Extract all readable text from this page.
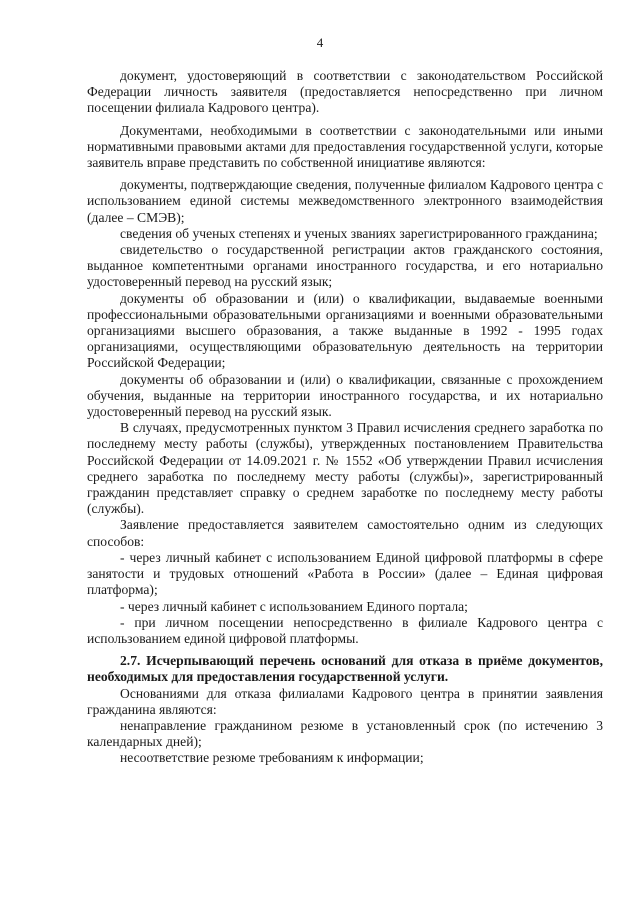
4

документ, удостоверяющий в соответствии с законодательством Российской Федерации личность заявителя (предоставляется непосредственно при личном посещении филиала Кадрового центра).

Документами, необходимыми в соответствии с законодательными или иными нормативными правовыми актами для предоставления государственной услуги, которые заявитель вправе представить по собственной инициативе являются:

документы, подтверждающие сведения, полученные филиалом Кадрового центра с использованием единой системы межведомственного электронного взаимодействия (далее – СМЭВ);

сведения об ученых степенях и ученых званиях зарегистрированного гражданина;

свидетельство о государственной регистрации актов гражданского состояния, выданное компетентными органами иностранного государства, и его нотариально удостоверенный перевод на русский язык;

документы об образовании и (или) о квалификации, выдаваемые военными профессиональными образовательными организациями и военными образовательными организациями высшего образования, а также выданные в 1992 - 1995 годах организациями, осуществляющими образовательную деятельность на территории Российской Федерации;

документы об образовании и (или) о квалификации, связанные с прохождением обучения, выданные на территории иностранного государства, и их нотариально удостоверенный перевод на русский язык.

В случаях, предусмотренных пунктом 3 Правил исчисления среднего заработка по последнему месту работы (службы), утвержденных постановлением Правительства Российской Федерации от 14.09.2021 г. № 1552 «Об утверждении Правил исчисления среднего заработка по последнему месту работы (службы)», зарегистрированный гражданин представляет справку о среднем заработке по последнему месту работы (службы).

Заявление предоставляется заявителем самостоятельно одним из следующих способов:

- через личный кабинет с использованием Единой цифровой платформы в сфере занятости и трудовых отношений «Работа в России» (далее – Единая цифровая платформа);

- через личный кабинет с использованием Единого портала;

- при личном посещении непосредственно в филиале Кадрового центра с использованием единой цифровой платформы.

2.7. Исчерпывающий перечень оснований для отказа в приёме документов, необходимых для предоставления государственной услуги.

Основаниями для отказа филиалами Кадрового центра в принятии заявления гражданина являются:

ненаправление гражданином резюме в установленный срок (по истечению 3 календарных дней);

несоответствие резюме требованиям к информации;
